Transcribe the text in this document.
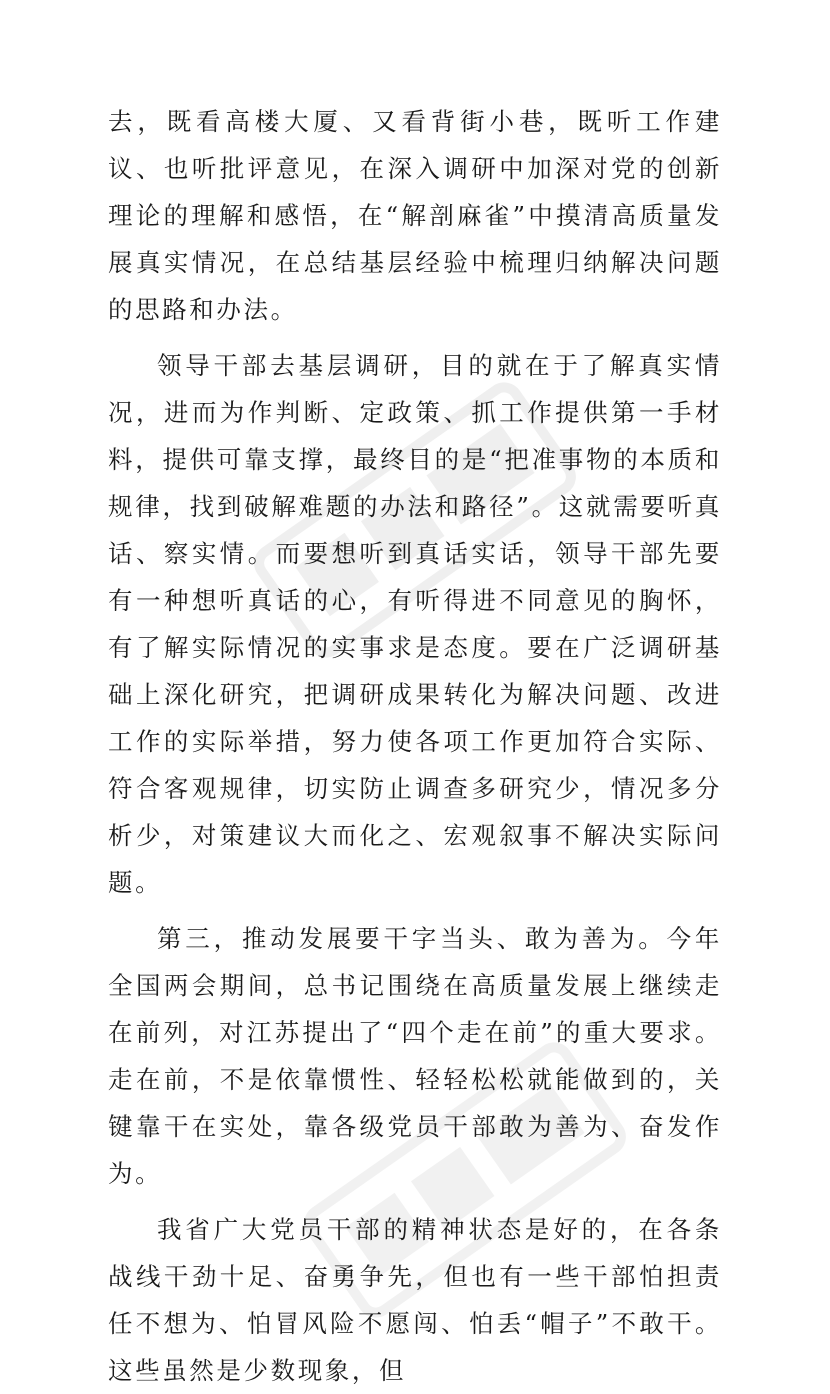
去，既看高楼大厦、又看背街小巷，既听工作建议、也听批评意见，在深入调研中加深对党的创新理论的理解和感悟，在“解剖麻雀”中摸清高质量发展真实情况，在总结基层经验中梳理归纳解决问题的思路和办法。

领导干部去基层调研，目的就在于了解真实情况，进而为作判断、定政策、抓工作提供第一手材料，提供可靠支撑，最终目的是“把准事物的本质和规律，找到破解难题的办法和路径”。这就需要听真话、察实情。而要想听到真话实话，领导干部先要有一种想听真话的心，有听得进不同意见的胸怀，有了解实际情况的实事求是态度。要在广泛调研基础上深化研究，把调研成果转化为解决问题、改进工作的实际举措，努力使各项工作更加符合实际、符合客观规律，切实防止调查多研究少，情况多分析少，对策建议大而化之、宏观叙事不解决实际问题。

第三，推动发展要干字当头、敢为善为。今年全国两会期间，总书记围绕在高质量发展上继续走在前列，对江苏提出了“四个走在前”的重大要求。走在前，不是依靠惯性、轻轻松松就能做到的，关键靠干在实处，靠各级党员干部敢为善为、奋发作为。

我省广大党员干部的精神状态是好的，在各条战线干劲十足、奋勇争先，但也有一些干部怕担责任不想为、怕冒风险不愿闯、怕丢“帽子”不敢干。这些虽然是少数现象，但
